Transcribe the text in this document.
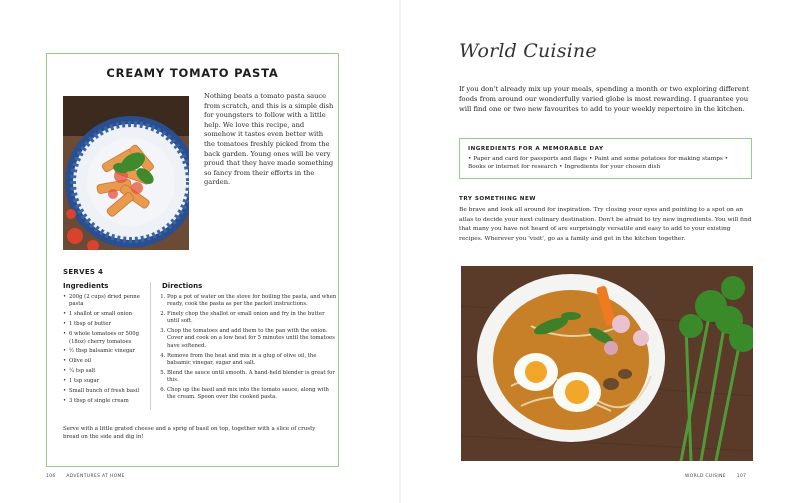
CREAMY TOMATO PASTA

Nothing beats a tomato pasta sauce from scratch, and this is a simple dish for youngsters to follow with a little help. We love this recipe, and somehow it tastes even better with the tomatoes freshly picked from the back garden. Young ones will be very proud that they have made something so fancy from their efforts in the garden.

SERVES 4
Ingredients	Directions
• 200g (2 cups) dried penne pasta
• 1 shallot or small onion
• 1 tbsp of butter
• 6 whole tomatoes or 500g (18oz) cherry tomatoes
• ½ tbsp balsamic vinegar
• Olive oil
• ¼ tsp salt
• 1 tsp sugar
• Small bunch of fresh basil
• 3 tbsp of single cream
1. Pop a pot of water on the stove for boiling the pasta, and when ready, cook the pasta as per the packet instructions.
2. Finely chop the shallot or small onion and fry in the butter until soft.
3. Chop the tomatoes and add them to the pan with the onion. Cover and cook on a low heat for 5 minutes until the tomatoes have softened.
4. Remove from the heat and mix in a glug of olive oil, the balsamic vinegar, sugar and salt.
5. Blend the sauce until smooth. A hand-held blender is great for this.
6. Chop up the basil and mix into the tomato sauce, along with the cream. Spoon over the cooked pasta.

Serve with a little grated cheese and a sprig of basil on top, together with a slice of crusty bread on the side and dig in!

106 ADVENTURES AT HOME
World Cuisine

If you don't already mix up your meals, spending a month or two exploring different foods from around our wonderfully varied globe is most rewarding. I guarantee you will find one or two new favourites to add to your weekly repertoire in the kitchen.

INGREDIENTS FOR A MEMORABLE DAY
• Paper and card for passports and flags • Paint and some potatoes for making stamps • Books or internet for research • Ingredients for your chosen dish
TRY SOMETHING NEW

Be brave and look all around for inspiration. Try closing your eyes and pointing to a spot on an atlas to decide your next culinary destination. Don't be afraid to try new ingredients. You will find that many you have not heard of are surprisingly versatile and easy to add to your existing recipes. Wherever you 'visit', go as a family and get in the kitchen together.

WORLD CUISINE 107
